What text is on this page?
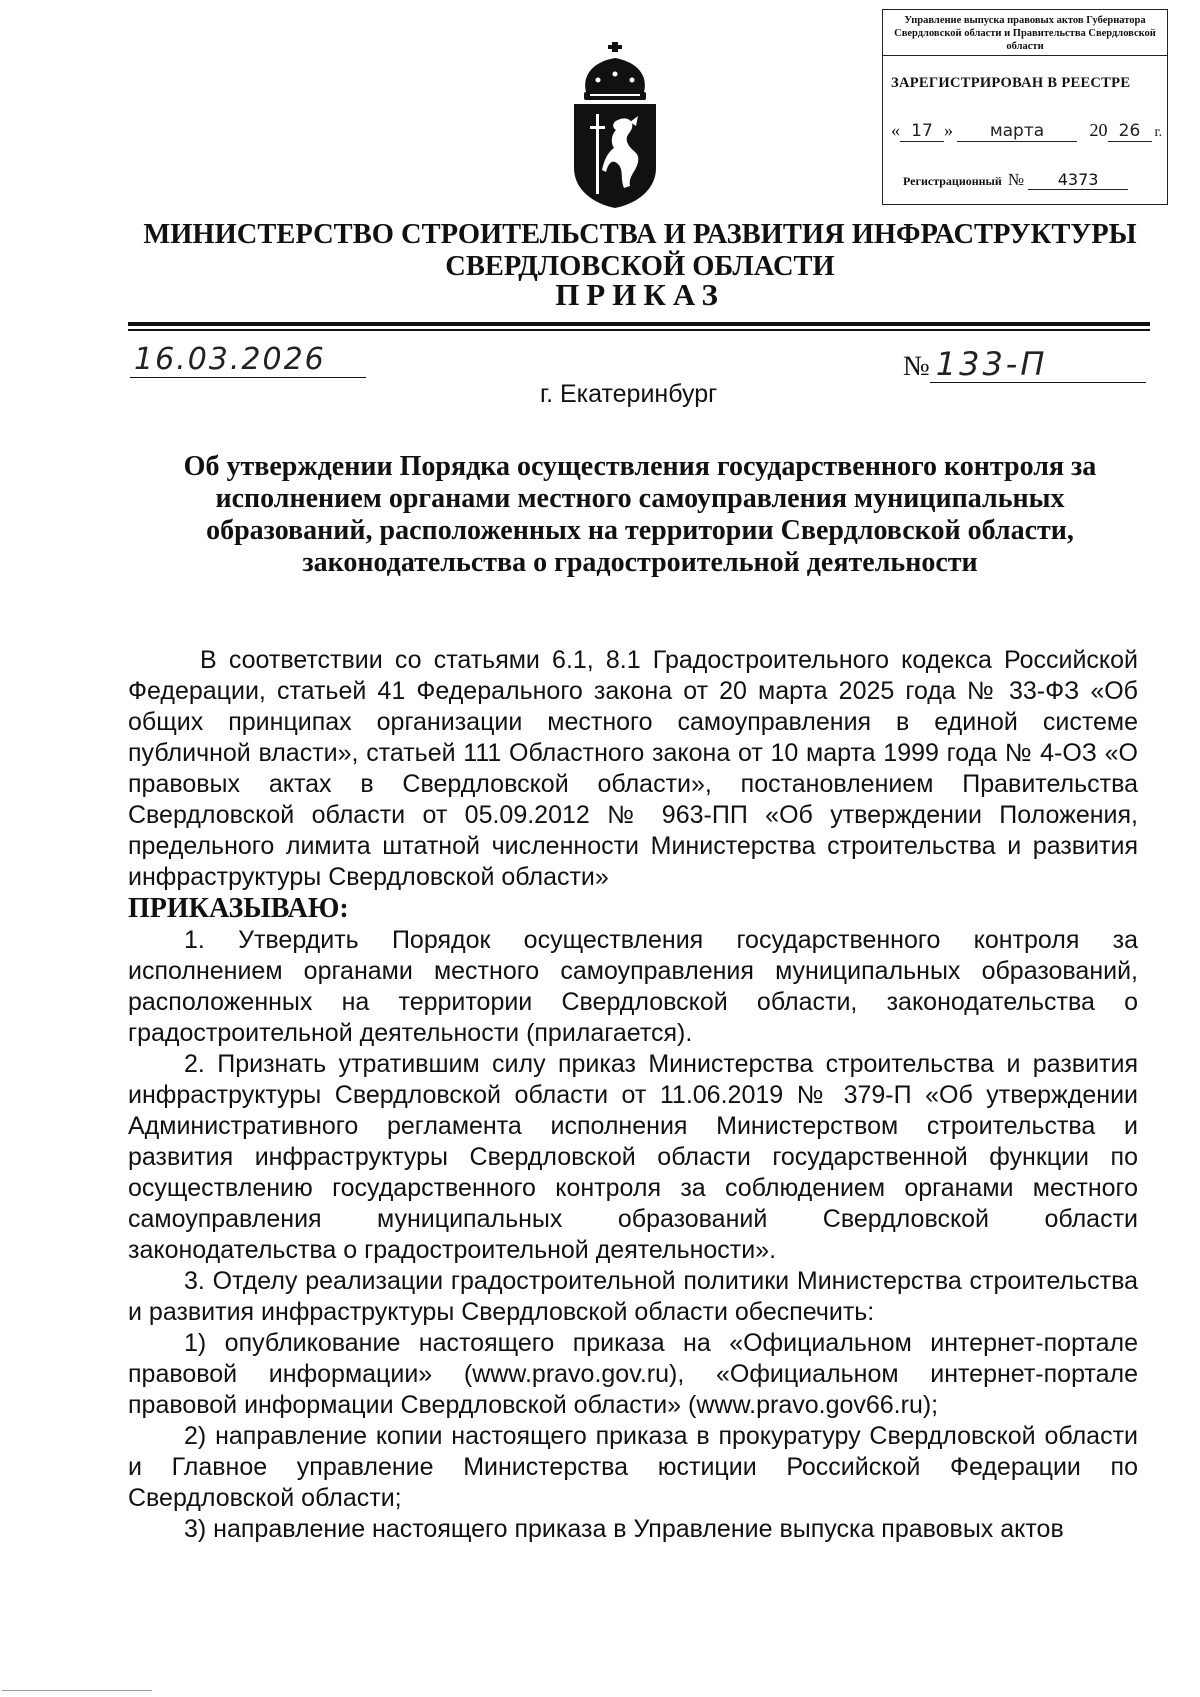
Управление выпуска правовых актов Губернатора Свердловской области и Правительства Свердловской области
ЗАРЕГИСТРИРОВАН В РЕЕСТРЕ
« 17 » марта	20 26 г.
Регистрационный № 4373
МИНИСТЕРСТВО СТРОИТЕЛЬСТВА И РАЗВИТИЯ ИНФРАСТРУКТУРЫ
СВЕРДЛОВСКОЙ ОБЛАСТИ
ПРИКАЗ
16.03.2026	№ 133-П
г. Екатеринбург
Об утверждении Порядка осуществления государственного контроля за исполнением органами местного самоуправления муниципальных образований, расположенных на территории Свердловской области, законодательства о градостроительной деятельности

В соответствии со статьями 6.1, 8.1 Градостроительного кодекса Российской Федерации, статьей 41 Федерального закона от 20 марта 2025 года № 33-ФЗ «Об общих принципах организации местного самоуправления в единой системе публичной власти», статьей 111 Областного закона от 10 марта 1999 года № 4-ОЗ «О правовых актах в Свердловской области», постановлением Правительства Свердловской области от 05.09.2012 № 963-ПП «Об утверждении Положения, предельного лимита штатной численности Министерства строительства и развития инфраструктуры Свердловской области»

ПРИКАЗЫВАЮ:

1. Утвердить Порядок осуществления государственного контроля за исполнением органами местного самоуправления муниципальных образований, расположенных на территории Свердловской области, законодательства о градостроительной деятельности (прилагается).

2. Признать утратившим силу приказ Министерства строительства и развития инфраструктуры Свердловской области от 11.06.2019 № 379-П «Об утверждении Административного регламента исполнения Министерством строительства и развития инфраструктуры Свердловской области государственной функции по осуществлению государственного контроля за соблюдением органами местного самоуправления муниципальных образований Свердловской области законодательства о градостроительной деятельности».

3. Отделу реализации градостроительной политики Министерства строительства и развития инфраструктуры Свердловской области обеспечить:

1) опубликование настоящего приказа на «Официальном интернет-портале правовой информации» (www.pravo.gov.ru), «Официальном интернет-портале правовой информации Свердловской области» (www.pravo.gov66.ru);

2) направление копии настоящего приказа в прокуратуру Свердловской области и Главное управление Министерства юстиции Российской Федерации по Свердловской области;

3) направление настоящего приказа в Управление выпуска правовых актов
